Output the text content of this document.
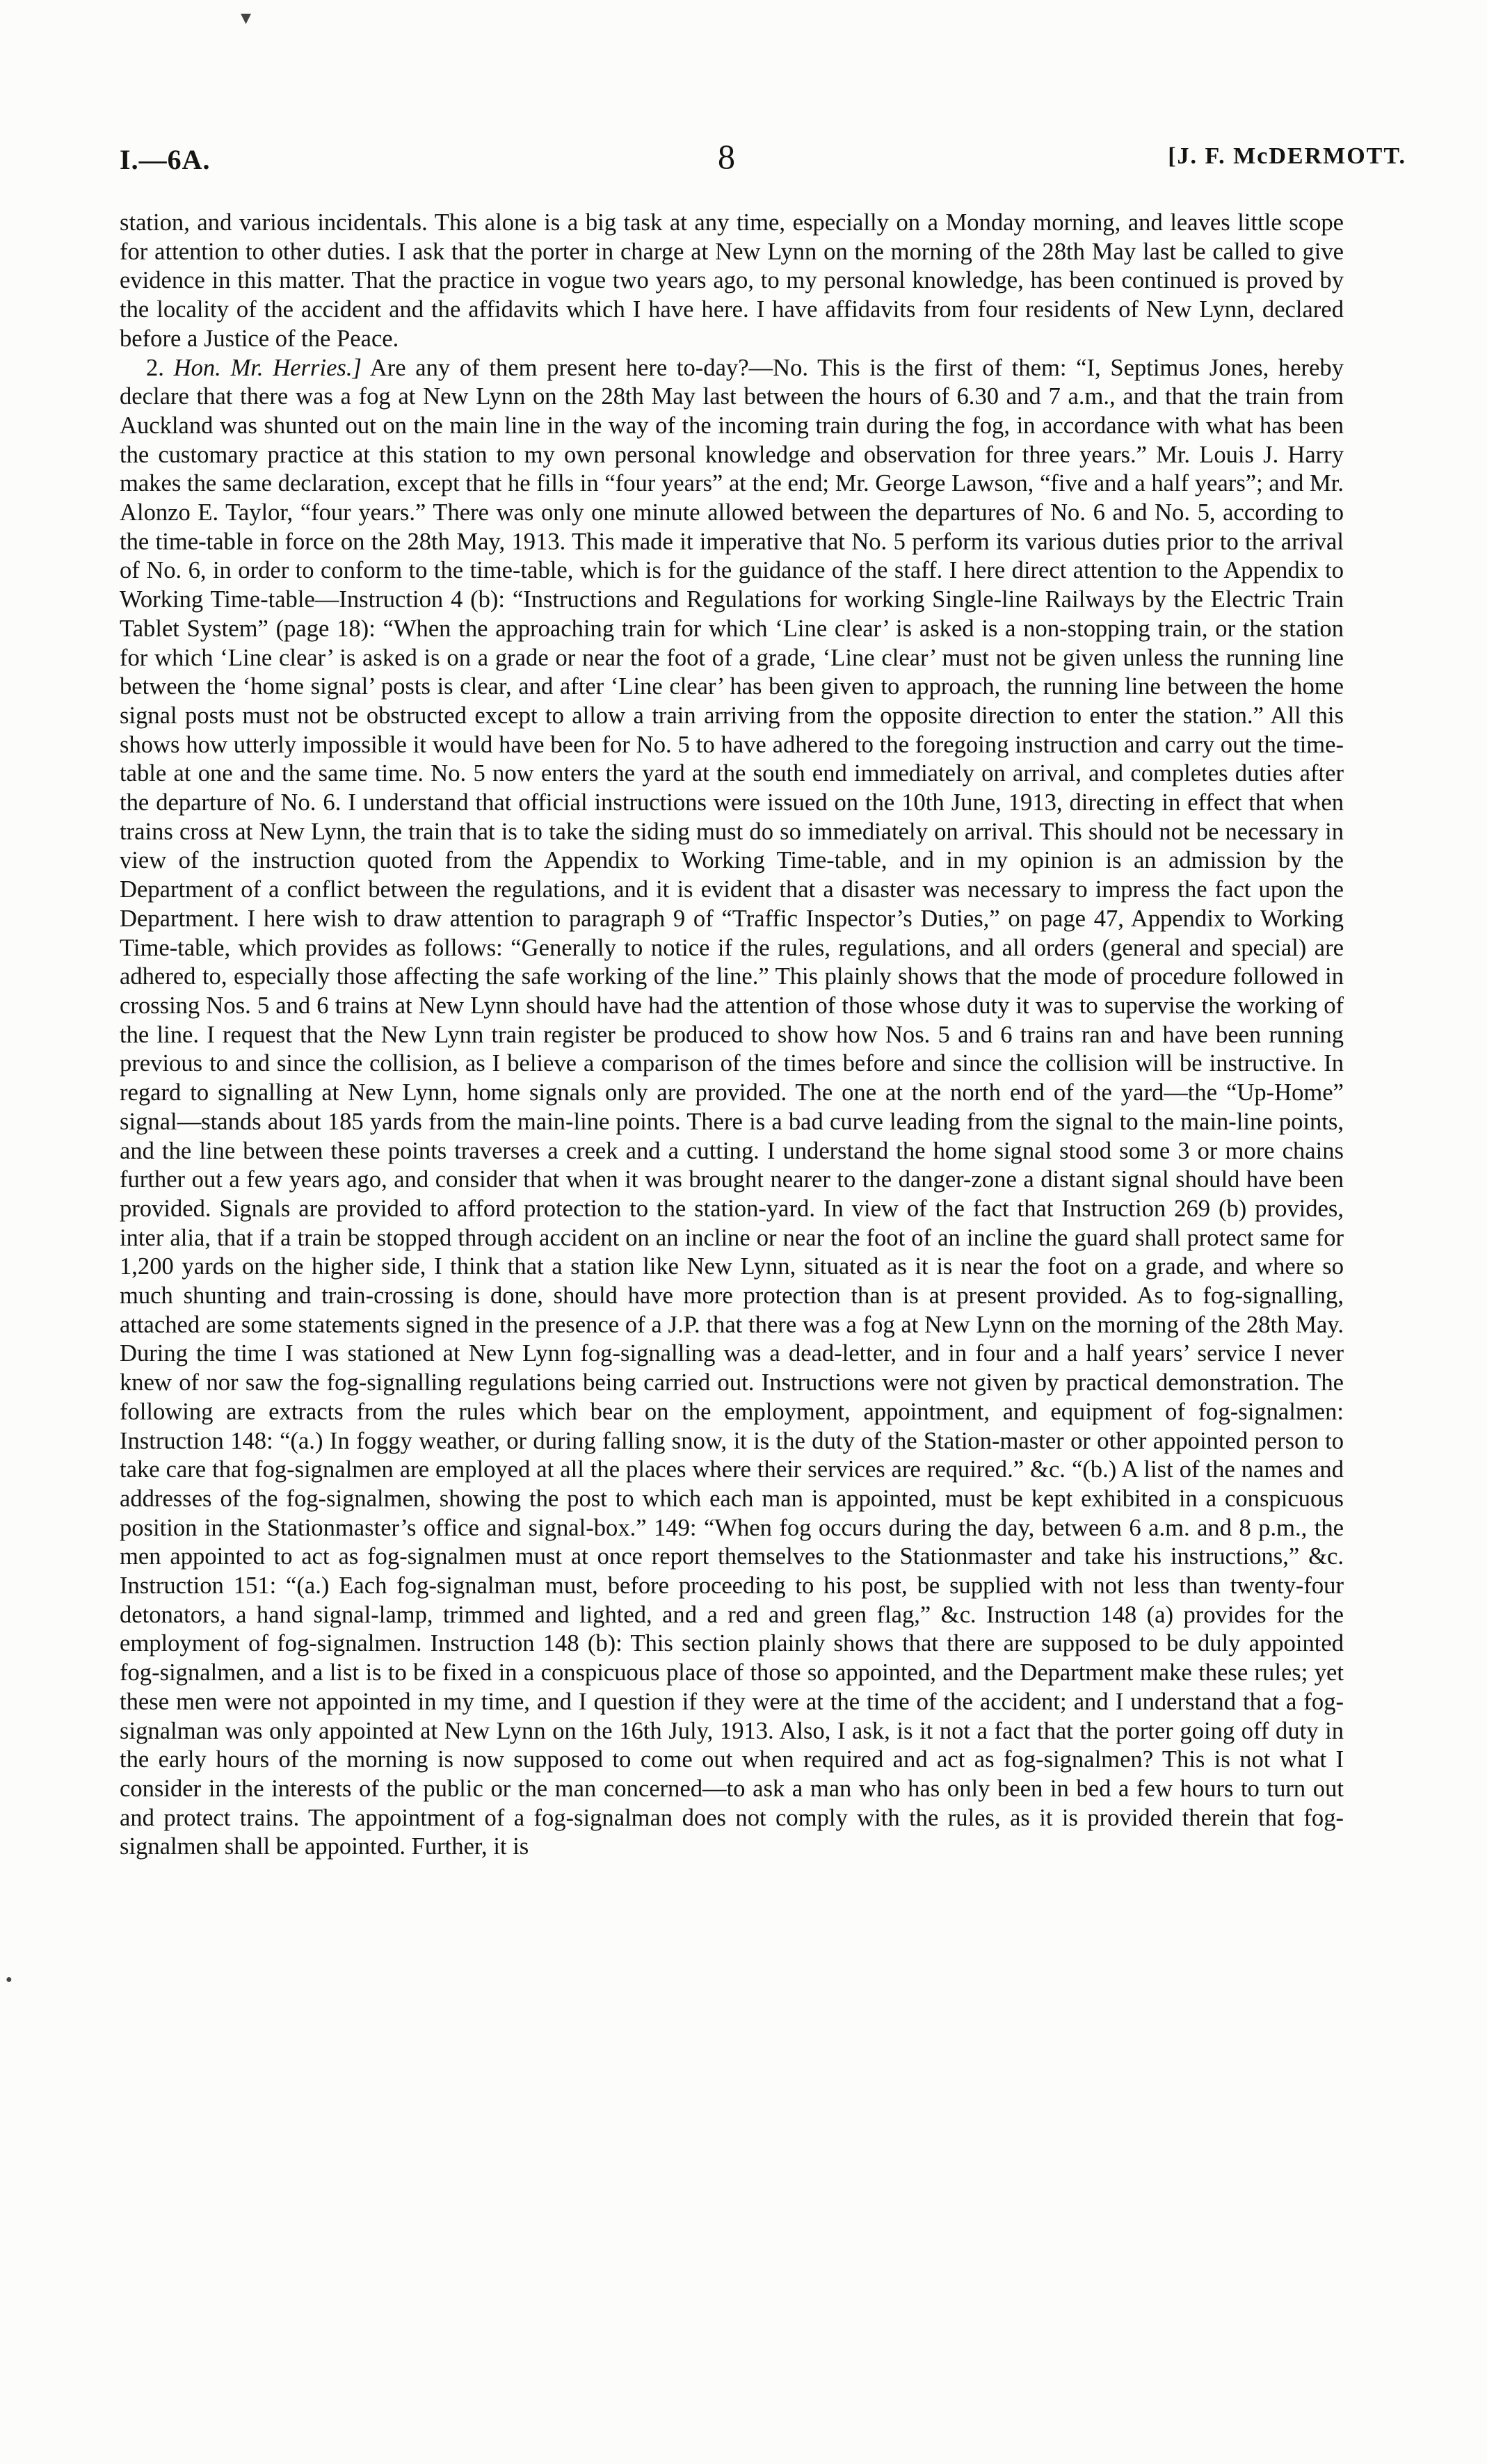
▾
●
I.—6A.	8	[J. F. McDERMOTT.

station, and various incidentals. This alone is a big task at any time, especially on a Monday morning, and leaves little scope for attention to other duties. I ask that the porter in charge at New Lynn on the morning of the 28th May last be called to give evidence in this matter. That the practice in vogue two years ago, to my personal knowledge, has been continued is proved by the locality of the accident and the affidavits which I have here. I have affidavits from four residents of New Lynn, declared before a Justice of the Peace.

2. Hon. Mr. Herries.] Are any of them present here to-day?—No. This is the first of them: “I, Septimus Jones, hereby declare that there was a fog at New Lynn on the 28th May last between the hours of 6.30 and 7 a.m., and that the train from Auckland was shunted out on the main line in the way of the incoming train during the fog, in accordance with what has been the customary practice at this station to my own personal knowledge and observation for three years.” Mr. Louis J. Harry makes the same declaration, except that he fills in “four years” at the end; Mr. George Lawson, “five and a half years”; and Mr. Alonzo E. Taylor, “four years.” There was only one minute allowed between the departures of No. 6 and No. 5, according to the time-table in force on the 28th May, 1913. This made it imperative that No. 5 perform its various duties prior to the arrival of No. 6, in order to conform to the time-table, which is for the guidance of the staff. I here direct attention to the Appendix to Working Time-table—Instruction 4 (b): “Instructions and Regulations for working Single-line Railways by the Electric Train Tablet System” (page 18): “When the approaching train for which ‘Line clear’ is asked is a non-stopping train, or the station for which ‘Line clear’ is asked is on a grade or near the foot of a grade, ‘Line clear’ must not be given unless the running line between the ‘home signal’ posts is clear, and after ‘Line clear’ has been given to approach, the running line between the home signal posts must not be obstructed except to allow a train arriving from the opposite direction to enter the station.” All this shows how utterly impossible it would have been for No. 5 to have adhered to the foregoing instruction and carry out the time-table at one and the same time. No. 5 now enters the yard at the south end immediately on arrival, and completes duties after the departure of No. 6. I understand that official instructions were issued on the 10th June, 1913, directing in effect that when trains cross at New Lynn, the train that is to take the siding must do so immediately on arrival. This should not be necessary in view of the instruction quoted from the Appendix to Working Time-table, and in my opinion is an admission by the Department of a conflict between the regulations, and it is evident that a disaster was necessary to impress the fact upon the Department. I here wish to draw attention to paragraph 9 of “Traffic Inspector’s Duties,” on page 47, Appendix to Working Time-table, which provides as follows: “Generally to notice if the rules, regulations, and all orders (general and special) are adhered to, especially those affecting the safe working of the line.” This plainly shows that the mode of procedure followed in crossing Nos. 5 and 6 trains at New Lynn should have had the attention of those whose duty it was to supervise the working of the line. I request that the New Lynn train register be produced to show how Nos. 5 and 6 trains ran and have been running previous to and since the collision, as I believe a comparison of the times before and since the collision will be instructive. In regard to signalling at New Lynn, home signals only are provided. The one at the north end of the yard—the “Up-Home” signal—stands about 185 yards from the main-line points. There is a bad curve leading from the signal to the main-line points, and the line between these points traverses a creek and a cutting. I understand the home signal stood some 3 or more chains further out a few years ago, and consider that when it was brought nearer to the danger-zone a distant signal should have been provided. Signals are provided to afford protection to the station-yard. In view of the fact that Instruction 269 (b) provides, inter alia, that if a train be stopped through accident on an incline or near the foot of an incline the guard shall protect same for 1,200 yards on the higher side, I think that a station like New Lynn, situated as it is near the foot on a grade, and where so much shunting and train-crossing is done, should have more protection than is at present provided. As to fog-signalling, attached are some statements signed in the presence of a J.P. that there was a fog at New Lynn on the morning of the 28th May. During the time I was stationed at New Lynn fog-signalling was a dead-letter, and in four and a half years’ service I never knew of nor saw the fog-signalling regulations being carried out. Instructions were not given by practical demonstration. The following are extracts from the rules which bear on the employment, appointment, and equipment of fog-signalmen: Instruction 148: “(a.) In foggy weather, or during falling snow, it is the duty of the Station-master or other appointed person to take care that fog-signalmen are employed at all the places where their services are required.” &c. “(b.) A list of the names and addresses of the fog-signalmen, showing the post to which each man is appointed, must be kept exhibited in a conspicuous position in the Stationmaster’s office and signal-box.” 149: “When fog occurs during the day, between 6 a.m. and 8 p.m., the men appointed to act as fog-signalmen must at once report themselves to the Stationmaster and take his instructions,” &c. Instruction 151: “(a.) Each fog-signalman must, before proceeding to his post, be supplied with not less than twenty-four detonators, a hand signal-lamp, trimmed and lighted, and a red and green flag,” &c. Instruction 148 (a) provides for the employment of fog-signalmen. Instruction 148 (b): This section plainly shows that there are supposed to be duly appointed fog-signalmen, and a list is to be fixed in a conspicuous place of those so appointed, and the Department make these rules; yet these men were not appointed in my time, and I question if they were at the time of the accident; and I understand that a fog-signalman was only appointed at New Lynn on the 16th July, 1913. Also, I ask, is it not a fact that the porter going off duty in the early hours of the morning is now supposed to come out when required and act as fog-signalmen? This is not what I consider in the interests of the public or the man concerned—to ask a man who has only been in bed a few hours to turn out and protect trains. The appointment of a fog-signalman does not comply with the rules, as it is provided therein that fog-signalmen shall be appointed. Further, it is
